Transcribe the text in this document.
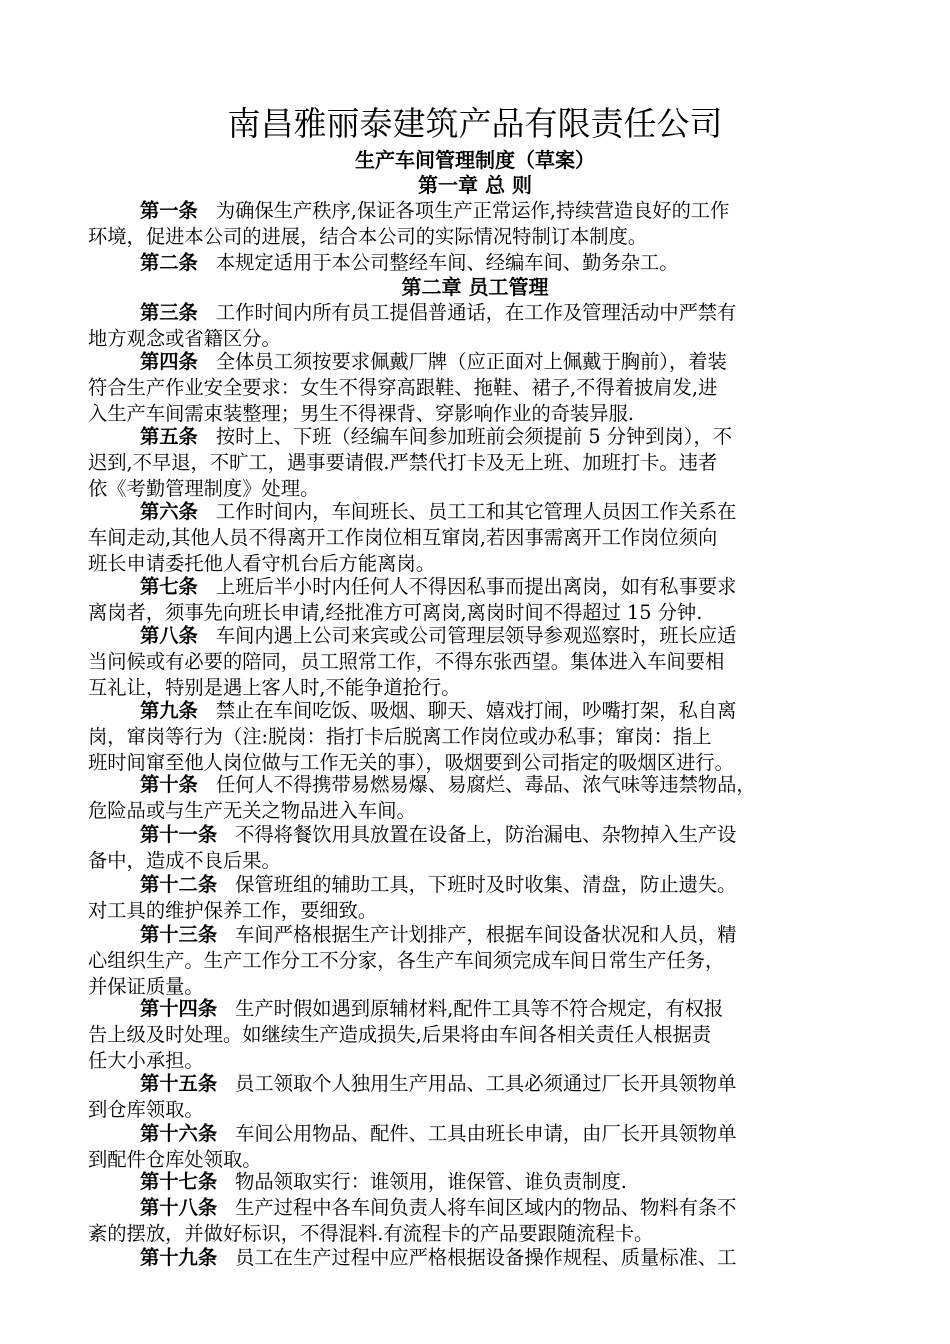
南昌雅丽泰建筑产品有限责任公司
生产车间管理制度（草案）
第一章 总 则
第二章 员工管理
第一条 为确保生产秩序,保证各项生产正常运作,持续营造良好的工作
环境，促进本公司的进展，结合本公司的实际情况特制订本制度。
第二条 本规定适用于本公司整经车间、经编车间、勤务杂工。
第三条 工作时间内所有员工提倡普通话，在工作及管理活动中严禁有
地方观念或省籍区分。
第四条 全体员工须按要求佩戴厂牌（应正面对上佩戴于胸前），着装
符合生产作业安全要求：女生不得穿高跟鞋、拖鞋、裙子,不得着披肩发,进
入生产车间需束装整理；男生不得裸背、穿影响作业的奇装异服.
第五条 按时上、下班（经编车间参加班前会须提前 5 分钟到岗），不
迟到,不早退，不旷工，遇事要请假.严禁代打卡及无上班、加班打卡。违者
依《考勤管理制度》处理。
第六条 工作时间内，车间班长、员工工和其它管理人员因工作关系在
车间走动,其他人员不得离开工作岗位相互窜岗,若因事需离开工作岗位须向
班长申请委托他人看守机台后方能离岗。
第七条 上班后半小时内任何人不得因私事而提出离岗，如有私事要求
离岗者，须事先向班长申请,经批准方可离岗,离岗时间不得超过 15 分钟.
第八条 车间内遇上公司来宾或公司管理层领导参观巡察时，班长应适
当问候或有必要的陪同，员工照常工作，不得东张西望。集体进入车间要相
互礼让，特别是遇上客人时,不能争道抢行。
第九条 禁止在车间吃饭、吸烟、聊天、嬉戏打闹，吵嘴打架，私自离
岗，窜岗等行为（注:脱岗：指打卡后脱离工作岗位或办私事；窜岗：指上
班时间窜至他人岗位做与工作无关的事），吸烟要到公司指定的吸烟区进行。
第十条 任何人不得携带易燃易爆、易腐烂、毒品、浓气味等违禁物品，
危险品或与生产无关之物品进入车间。
第十一条 不得将餐饮用具放置在设备上，防治漏电、杂物掉入生产设
备中，造成不良后果。
第十二条 保管班组的辅助工具，下班时及时收集、清盘，防止遗失。
对工具的维护保养工作，要细致。
第十三条 车间严格根据生产计划排产，根据车间设备状况和人员，精
心组织生产。生产工作分工不分家，各生产车间须完成车间日常生产任务，
并保证质量。
第十四条 生产时假如遇到原辅材料,配件工具等不符合规定，有权报
告上级及时处理。如继续生产造成损失,后果将由车间各相关责任人根据责
任大小承担。
第十五条 员工领取个人独用生产用品、工具必须通过厂长开具领物单
到仓库领取。
第十六条 车间公用物品、配件、工具由班长申请，由厂长开具领物单
到配件仓库处领取。
第十七条 物品领取实行：谁领用，谁保管、谁负责制度.
第十八条 生产过程中各车间负责人将车间区域内的物品、物料有条不
紊的摆放，并做好标识，不得混料.有流程卡的产品要跟随流程卡。
第十九条 员工在生产过程中应严格根据设备操作规程、质量标准、工
